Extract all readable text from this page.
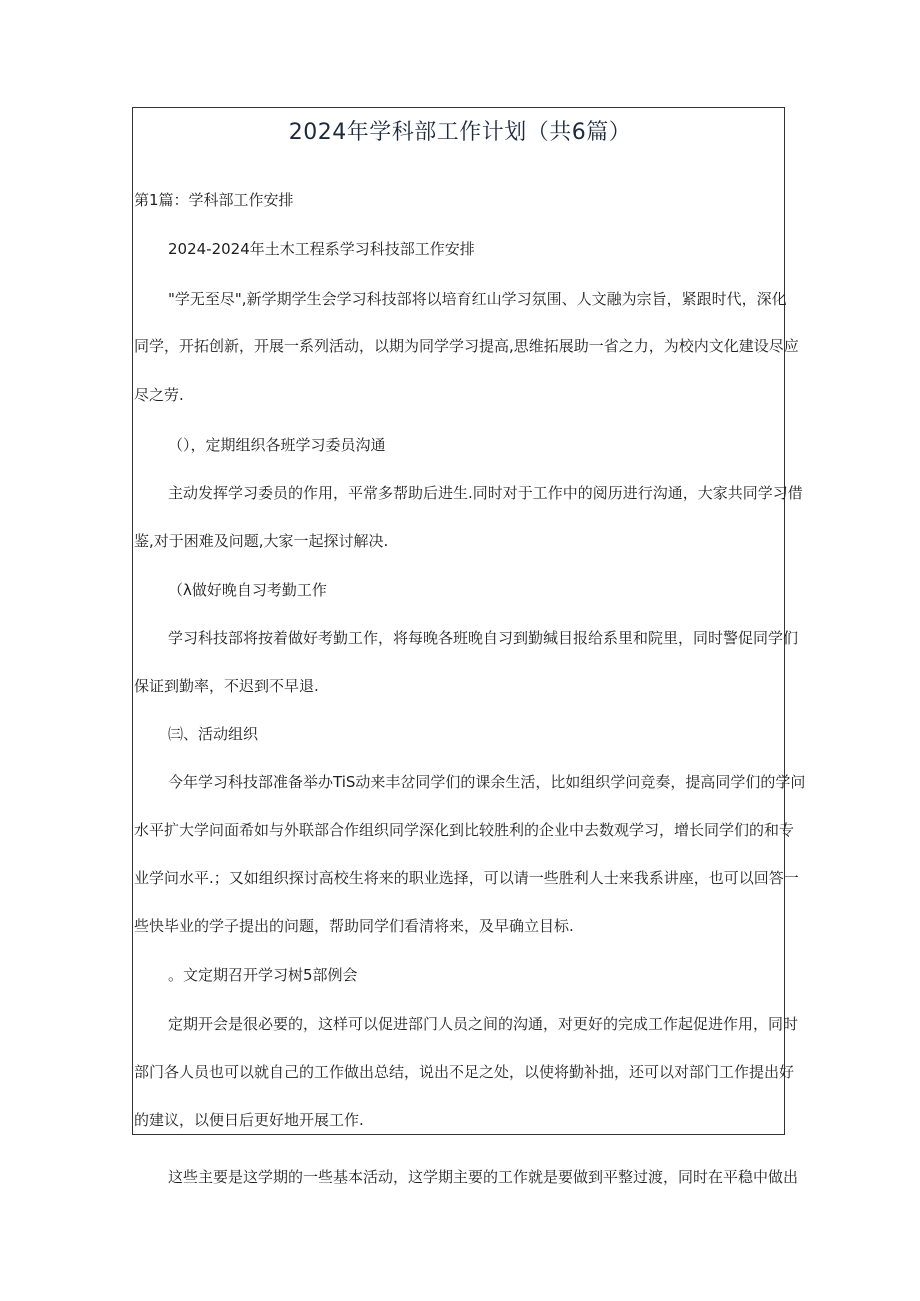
2024年学科部工作计划（共6篇）
第1篇：学科部工作安排
2024-2024年土木工程系学习科技部工作安排
"学无至尽",新学期学生会学习科技部将以培育红山学习氛围、人文融为宗旨，紧跟时代，深化
同学，开拓创新，开展一系列活动，以期为同学学习提高,思维拓展助一省之力，为校内文化建设尽应
尽之劳.
（），定期组织各班学习委员沟通
主动发挥学习委员的作用，平常多帮助后进生.同时对于工作中的阅历进行沟通，大家共同学习借
鉴,对于困难及问题,大家一起探讨解决.
（λ做好晚自习考勤工作
学习科技部将按着做好考勤工作，将每晚各班晚自习到勤缄目报给系里和院里，同时警促同学们
保证到勤率，不迟到不早退.
㈢、活动组织
今年学习科技部准备举办TiS动来丰岔同学们的课余生活，比如组织学问竞奏，提高同学们的学问
水平扩大学问面希如与外联部合作组织同学深化到比较胜利的企业中去数观学习，增长同学们的和专
业学问水平.；又如组织探讨高校生将来的职业选择，可以请一些胜利人士来我系讲座，也可以回答一
些快毕业的学子提出的问题，帮助同学们看清将来，及早确立目标.
。文定期召开学习树5部例会
定期开会是很必要的，这样可以促进部门人员之间的沟通，对更好的完成工作起促进作用，同时
部门各人员也可以就自己的工作做出总结，说出不足之处，以使将勤补拙，还可以对部门工作提出好
的建议，以便日后更好地开展工作.
这些主要是这学期的一些基本活动，这学期主要的工作就是要做到平整过渡，同时在平稳中做出
